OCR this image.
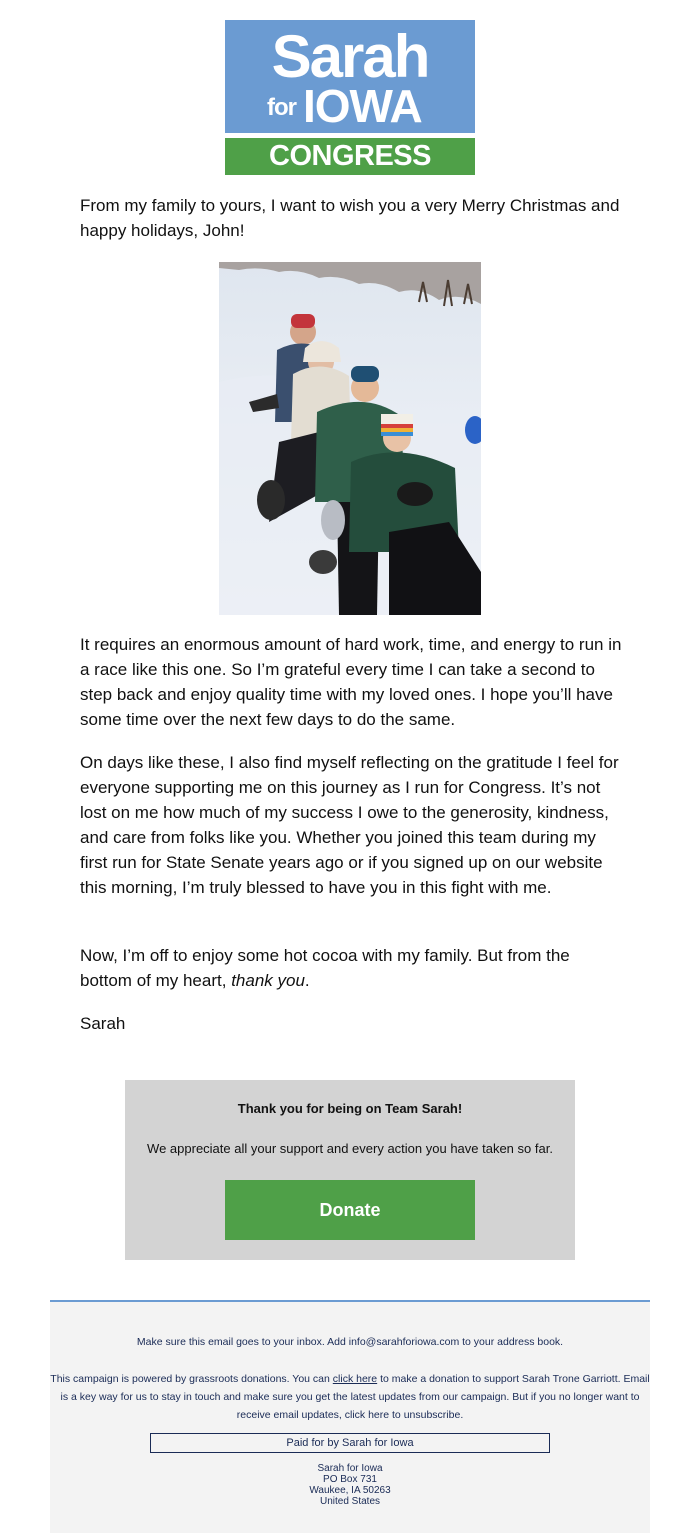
Sarah
for IOWA
CONGRESS

From my family to yours, I want to wish you a very Merry Christmas and happy holidays, John!

It requires an enormous amount of hard work, time, and energy to run in a race like this one. So I’m grateful every time I can take a second to step back and enjoy quality time with my loved ones. I hope you’ll have some time over the next few days to do the same.

On days like these, I also find myself reflecting on the gratitude I feel for everyone supporting me on this journey as I run for Congress. It’s not lost on me how much of my success I owe to the generosity, kindness, and care from folks like you. Whether you joined this team during my first run for State Senate years ago or if you signed up on our website this morning, I’m truly blessed to have you in this fight with me.

Now, I’m off to enjoy some hot cocoa with my family. But from the bottom of my heart, thank you.

Sarah

Thank you for being on Team Sarah!
We appreciate all your support and every action you have taken so far.
Donate
Make sure this email goes to your inbox. Add info@sarahforiowa.com to your address book.
This campaign is powered by grassroots donations. You can click here to make a donation to support Sarah Trone Garriott. Email is a key way for us to stay in touch and make sure you get the latest updates from our campaign. But if you no longer want to receive email updates, click here to unsubscribe.
Paid for by Sarah for Iowa
Sarah for Iowa
PO Box 731
Waukee, IA 50263
United States
